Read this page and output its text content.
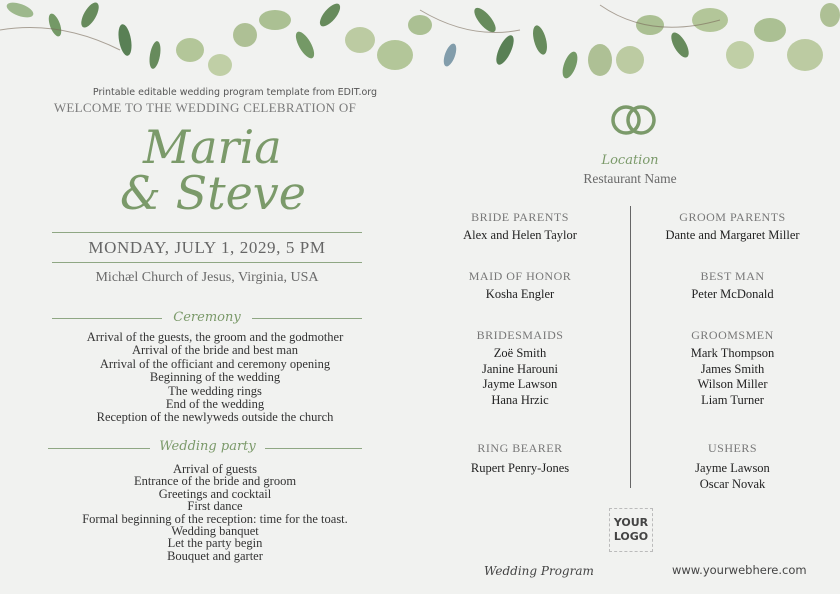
Printable editable wedding program template from EDIT.org
WELCOME TO THE WEDDING CELEBRATION OF
Maria
& Steve
MONDAY, JULY 1, 2029, 5 PM
Michæl Church of Jesus, Virginia, USA
Ceremony
Arrival of the guests, the groom and the godmother
Arrival of the bride and best man
Arrival of the officiant and ceremony opening
Beginning of the wedding
The wedding rings
End of the wedding
Reception of the newlyweds outside the church
Wedding party
Arrival of guests
Entrance of the bride and groom
Greetings and cocktail
First dance
Formal beginning of the reception: time for the toast.
Wedding banquet
Let the party begin
Bouquet and garter
Location
Restaurant Name
BRIDE PARENTS
Alex and Helen Taylor
GROOM PARENTS
Dante and Margaret Miller
MAID OF HONOR
Kosha Engler
BEST MAN
Peter McDonald
BRIDESMAIDS
Zoë Smith
Janine Harouni
Jayme Lawson
Hana Hrzic
GROOMSMEN
Mark Thompson
James Smith
Wilson Miller
Liam Turner
RING BEARER
Rupert Penry-Jones
USHERS
Jayme Lawson
Oscar Novak
YOUR
LOGO
Wedding Program	www.yourwebhere.com
